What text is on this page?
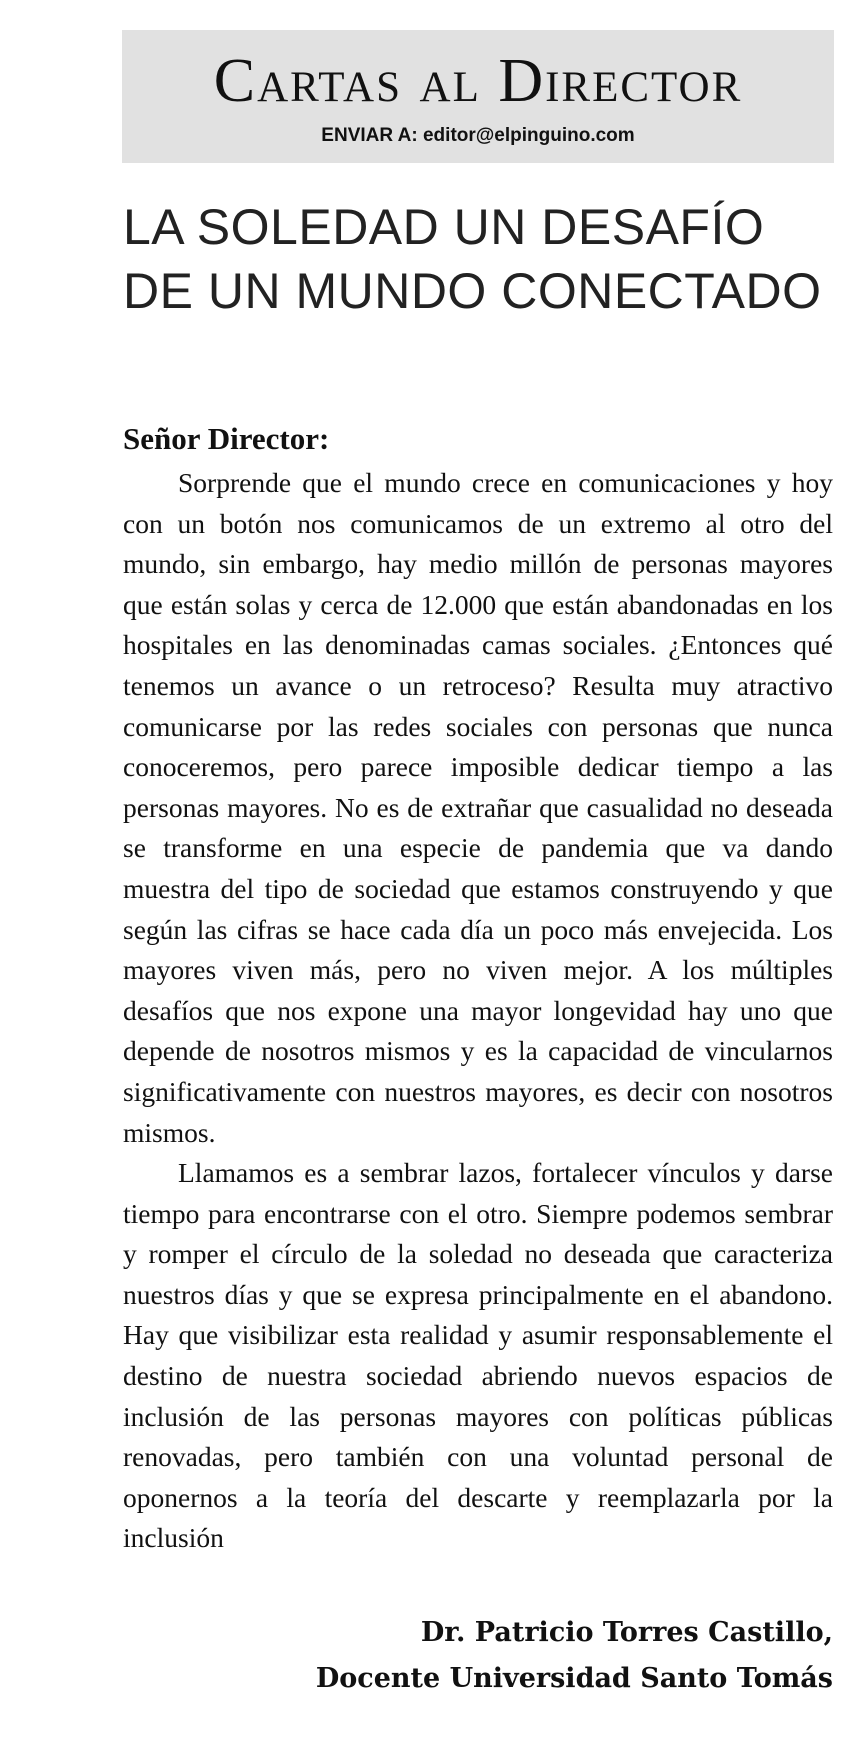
Cartas al Director
ENVIAR A: editor@elpinguino.com
LA SOLEDAD UN DESAFÍO DE UN MUNDO CONECTADO
Señor Director:

Sorprende que el mundo crece en comunicaciones y hoy con un botón nos comunicamos de un extremo al otro del mundo, sin embargo, hay medio millón de personas mayores que están solas y cerca de 12.000 que están abandonadas en los hospitales en las denominadas camas sociales. ¿Entonces qué tenemos un avance o un retroceso? Resulta muy atractivo comunicarse por las redes sociales con personas que nunca conoceremos, pero parece imposible dedicar tiempo a las personas mayores. No es de extrañar que casualidad no deseada se transforme en una especie de pandemia que va dando muestra del tipo de sociedad que estamos construyendo y que según las cifras se hace cada día un poco más envejecida. Los mayores viven más, pero no viven mejor. A los múltiples desafíos que nos expone una mayor longevidad hay uno que depende de nosotros mismos y es la capacidad de vincularnos significativamente con nuestros mayores, es decir con nosotros mismos.

Llamamos es a sembrar lazos, fortalecer vínculos y darse tiempo para encontrarse con el otro. Siempre podemos sembrar y romper el círculo de la soledad no deseada que caracteriza nuestros días y que se expresa principalmente en el abandono. Hay que visibilizar esta realidad y asumir responsablemente el destino de nuestra sociedad abriendo nuevos espacios de inclusión de las personas mayores con políticas públicas renovadas, pero también con una voluntad personal de oponernos a la teoría del descarte y reemplazarla por la inclusión

Dr. Patricio Torres Castillo,
Docente Universidad Santo Tomás
